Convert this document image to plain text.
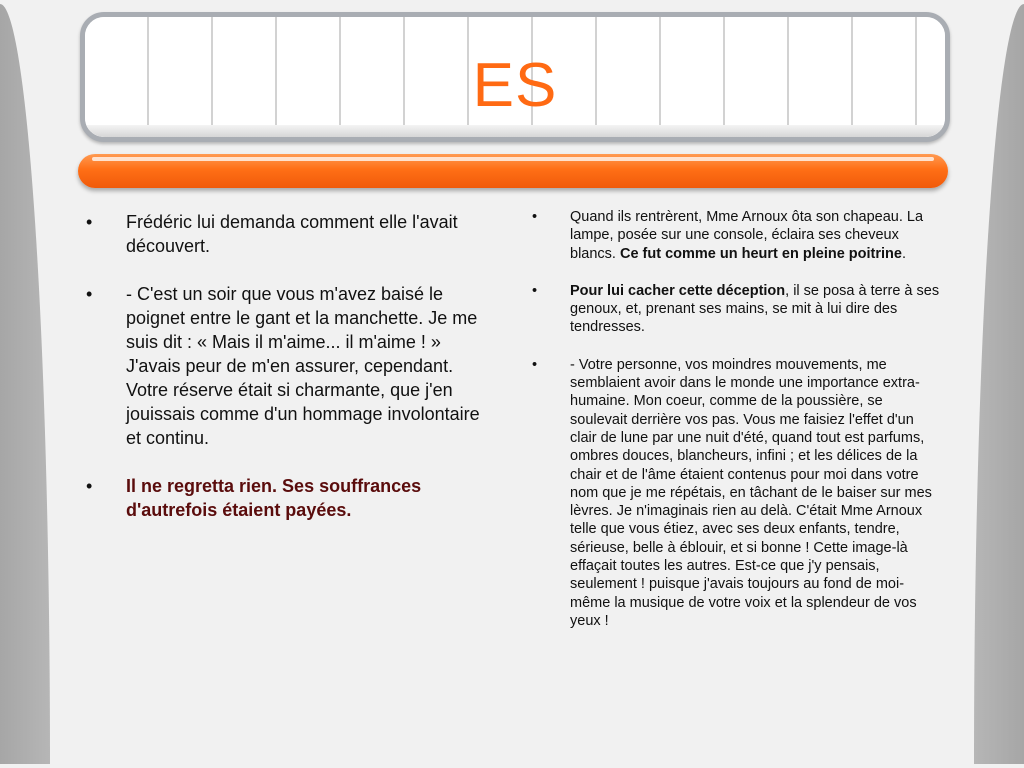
ES
• Frédéric lui demanda comment elle l'avait découvert.
• - C'est un soir que vous m'avez baisé le poignet entre le gant et la manchette. Je me suis dit : « Mais il m'aime... il m'aime ! » J'avais peur de m'en assurer, cependant. Votre réserve était si charmante, que j'en jouissais comme d'un hommage involontaire et continu.
• Il ne regretta rien. Ses souffrances d'autrefois étaient payées.
• Quand ils rentrèrent, Mme Arnoux ôta son chapeau. La lampe, posée sur une console, éclaira ses cheveux blancs. Ce fut comme un heurt en pleine poitrine.
• Pour lui cacher cette déception, il se posa à terre à ses genoux, et, prenant ses mains, se mit à lui dire des tendresses.
• - Votre personne, vos moindres mouvements, me semblaient avoir dans le monde une importance extra-humaine. Mon coeur, comme de la poussière, se soulevait derrière vos pas. Vous me faisiez l'effet d'un clair de lune par une nuit d'été, quand tout est parfums, ombres douces, blancheurs, infini ; et les délices de la chair et de l'âme étaient contenus pour moi dans votre nom que je me répétais, en tâchant de le baiser sur mes lèvres. Je n'imaginais rien au delà. C'était Mme Arnoux telle que vous étiez, avec ses deux enfants, tendre, sérieuse, belle à éblouir, et si bonne ! Cette image-là effaçait toutes les autres. Est-ce que j'y pensais, seulement ! puisque j'avais toujours au fond de moi-même la musique de votre voix et la splendeur de vos yeux !
